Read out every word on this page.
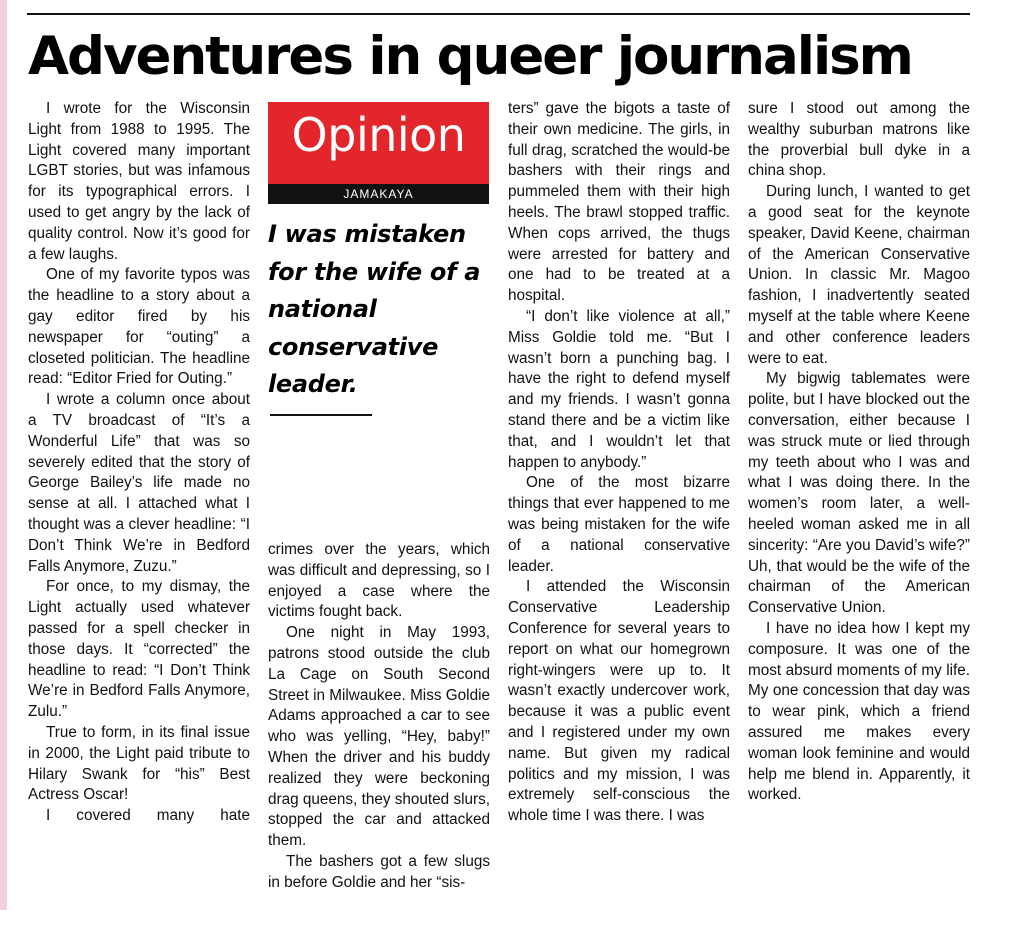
Adventures in queer journalism

I wrote for the Wisconsin Light from 1988 to 1995. The Light covered many important LGBT stories, but was infamous for its typographical errors. I used to get angry by the lack of quality control. Now it’s good for a few laughs.

One of my favorite typos was the headline to a story about a gay editor fired by his newspaper for “outing” a closeted politician. The headline read: “Editor Fried for Outing.”

I wrote a column once about a TV broadcast of “It’s a Wonderful Life” that was so severely edited that the story of George Bailey’s life made no sense at all. I attached what I thought was a clever headline: “I Don’t Think We’re in Bedford Falls Anymore, Zuzu.”

For once, to my dismay, the Light actually used whatever passed for a spell checker in those days. It “corrected” the headline to read: “I Don’t Think We’re in Bedford Falls Anymore, Zulu.”

True to form, in its final issue in 2000, the Light paid tribute to Hilary Swank for “his” Best Actress Oscar!

I covered many hate

Opinion
JAMAKAYA

I was mistaken for the wife of a national conservative leader.

crimes over the years, which was difficult and depressing, so I enjoyed a case where the victims fought back.

One night in May 1993, patrons stood outside the club La Cage on South Second Street in Milwaukee. Miss Goldie Adams approached a car to see who was yelling, “Hey, baby!” When the driver and his buddy realized they were beckoning drag queens, they shouted slurs, stopped the car and attacked them.

The bashers got a few slugs in before Goldie and her “sis-

ters” gave the bigots a taste of their own medicine. The girls, in full drag, scratched the would-be bashers with their rings and pummeled them with their high heels. The brawl stopped traffic. When cops arrived, the thugs were arrested for battery and one had to be treated at a hospital.

“I don’t like violence at all,” Miss Goldie told me. “But I wasn’t born a punching bag. I have the right to defend myself and my friends. I wasn’t gonna stand there and be a victim like that, and I wouldn’t let that happen to anybody.”

One of the most bizarre things that ever happened to me was being mistaken for the wife of a national conservative leader.

I attended the Wisconsin Conservative Leadership Conference for several years to report on what our homegrown right-wingers were up to. It wasn’t exactly undercover work, because it was a public event and I registered under my own name. But given my radical politics and my mission, I was extremely self-conscious the whole time I was there. I was

sure I stood out among the wealthy suburban matrons like the proverbial bull dyke in a china shop.

During lunch, I wanted to get a good seat for the keynote speaker, David Keene, chairman of the American Conservative Union. In classic Mr. Magoo fashion, I inadvertently seated myself at the table where Keene and other conference leaders were to eat.

My bigwig tablemates were polite, but I have blocked out the conversation, either because I was struck mute or lied through my teeth about who I was and what I was doing there. In the women’s room later, a well-heeled woman asked me in all sincerity: “Are you David’s wife?” Uh, that would be the wife of the chairman of the American Conservative Union.

I have no idea how I kept my composure. It was one of the most absurd moments of my life. My one concession that day was to wear pink, which a friend assured me makes every woman look feminine and would help me blend in. Apparently, it worked.
